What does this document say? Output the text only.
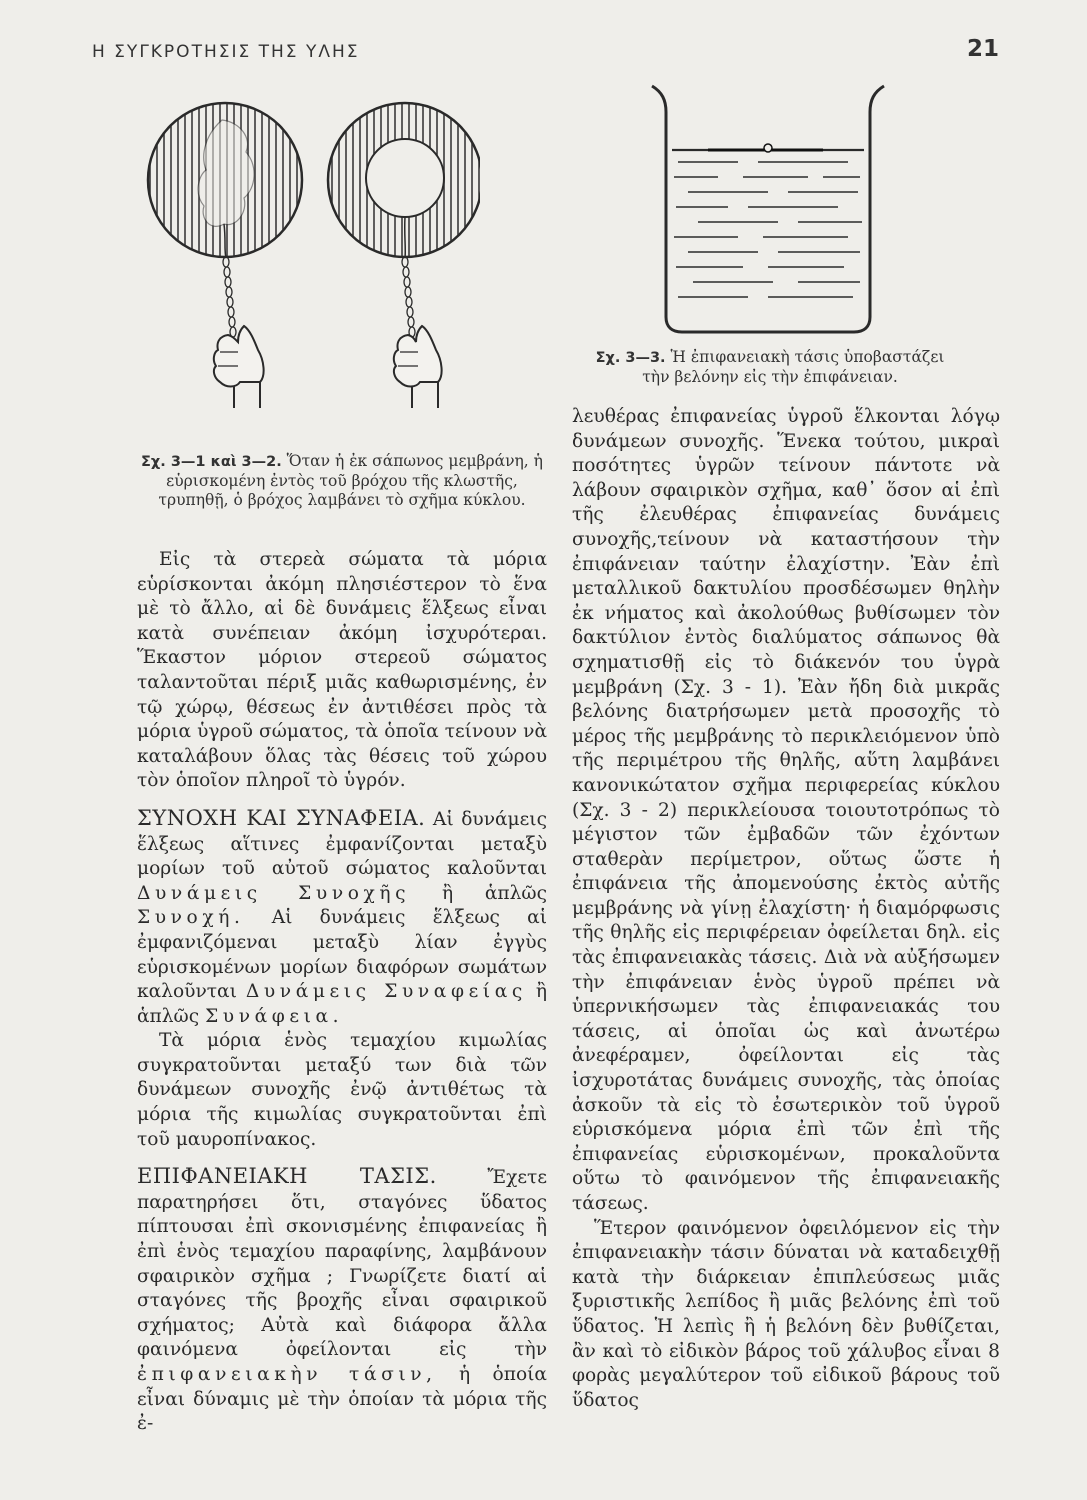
Η ΣΥΓΚΡΟΤΗΣΙΣ ΤΗΣ ΥΛΗΣ	21
Σχ. 3—1 καὶ 3—2. Ὅταν ἡ ἐκ σάπωνος μεμβράνη, ἡ εὑρισκομένη ἐντὸς τοῦ βρόχου τῆς κλωστῆς, τρυπηθῇ, ὁ βρόχος λαμβάνει τὸ σχῆμα κύκλου.
Σχ. 3—3. Ἡ ἐπιφανειακὴ τάσις ὑποβαστάζει τὴν βελόνην εἰς τὴν ἐπιφάνειαν.

Εἰς τὰ στερεὰ σώματα τὰ μόρια εὑρίσκονται ἀκόμη πλησιέστερον τὸ ἕνα μὲ τὸ ἄλλο, αἱ δὲ δυνάμεις ἕλξεως εἶναι κατὰ συνέπειαν ἀκόμη ἰσχυρότεραι. Ἕκαστον μόριον στερεοῦ σώματος ταλαντοῦται πέριξ μιᾶς καθωρισμένης, ἐν τῷ χώρῳ, θέσεως ἐν ἀντιθέσει πρὸς τὰ μόρια ὑγροῦ σώματος, τὰ ὁποῖα τείνουν νὰ καταλάβουν ὅλας τὰς θέσεις τοῦ χώρου τὸν ὁποῖον πληροῖ τὸ ὑγρόν.

ΣΥΝΟΧΗ ΚΑΙ ΣΥΝΑΦΕΙΑ. Αἱ δυνάμεις ἕλξεως αἵτινες ἐμφανίζονται μεταξὺ μορίων τοῦ αὐτοῦ σώματος καλοῦνται Δυνάμεις Συνοχῆς ἢ ἁπλῶς Συνοχή. Αἱ δυνάμεις ἕλξεως αἱ ἐμφανιζόμεναι μεταξὺ λίαν ἐγγὺς εὑρισκομένων μορίων διαφόρων σωμάτων καλοῦνται Δυνάμεις Συναφείας ἢ ἁπλῶς Συνάφεια.

Τὰ μόρια ἑνὸς τεμαχίου κιμωλίας συγκρατοῦνται μεταξύ των διὰ τῶν δυνάμεων συνοχῆς ἐνῷ ἀντιθέτως τὰ μόρια τῆς κιμωλίας συγκρατοῦνται ἐπὶ τοῦ μαυροπίνακος.

ΕΠΙΦΑΝΕΙΑΚΗ ΤΑΣΙΣ.	Ἔχετε παρατηρήσει ὅτι, σταγόνες ὕδατος πίπτουσαι ἐπὶ σκονισμένης ἐπιφανείας ἢ ἐπὶ ἑνὸς τεμαχίου παραφίνης, λαμβάνουν σφαιρικὸν σχῆμα ; Γνωρίζετε διατί αἱ σταγόνες τῆς βροχῆς εἶναι σφαιρικοῦ σχήματος; Αὐτὰ καὶ διάφορα ἄλλα φαινόμενα ὀφείλονται εἰς τὴν ἐπιφανειακὴν τάσιν, ἡ ὁποία εἶναι δύναμις μὲ τὴν ὁποίαν τὰ μόρια τῆς ἐ-

λευθέρας ἐπιφανείας ὑγροῦ ἕλκονται λόγῳ δυνάμεων συνοχῆς. Ἕνεκα τούτου, μικραὶ ποσότητες ὑγρῶν τείνουν πάντοτε νὰ λάβουν σφαιρικὸν σχῆμα, καθ᾽ ὅσον αἱ ἐπὶ τῆς ἐλευθέρας ἐπιφανείας δυνάμεις συνοχῆς,τείνουν νὰ καταστήσουν τὴν ἐπιφάνειαν ταύτην ἐλαχίστην. Ἐὰν ἐπὶ μεταλλικοῦ δακτυλίου προσδέσωμεν θηλὴν ἐκ νήματος καὶ ἀκολούθως βυθίσωμεν τὸν δακτύλιον ἐντὸς διαλύματος σάπωνος θὰ σχηματισθῇ εἰς τὸ διάκενόν του ὑγρὰ μεμβράνη (Σχ. 3 - 1). Ἐὰν ἤδη διὰ μικρᾶς βελόνης διατρήσωμεν μετὰ προσοχῆς τὸ μέρος τῆς μεμβράνης τὸ περικλειόμενον ὑπὸ τῆς περιμέτρου τῆς θηλῆς, αὕτη λαμβάνει κανονικώτατον σχῆμα περιφερείας κύκλου (Σχ. 3 - 2) περικλείουσα τοιουτοτρόπως τὸ μέγιστον τῶν ἐμβαδῶν τῶν ἐχόντων σταθερὰν περίμετρον, οὕτως ὥστε ἡ ἐπιφάνεια τῆς ἀπομενούσης ἐκτὸς αὐτῆς μεμβράνης νὰ γίνῃ ἐλαχίστη· ἡ διαμόρφωσις τῆς θηλῆς εἰς περιφέρειαν ὀφείλεται δηλ. εἰς τὰς ἐπιφανειακὰς τάσεις. Διὰ νὰ αὐξήσωμεν τὴν ἐπιφάνειαν ἑνὸς ὑγροῦ πρέπει νὰ ὑπερνικήσωμεν τὰς ἐπιφανειακάς του τάσεις, αἱ ὁποῖαι ὡς καὶ ἀνωτέρω ἀνεφέραμεν, ὀφείλονται εἰς τὰς ἰσχυροτάτας δυνάμεις συνοχῆς, τὰς ὁποίας ἀσκοῦν τὰ εἰς τὸ ἐσωτερικὸν τοῦ ὑγροῦ εὑρισκόμενα μόρια ἐπὶ τῶν ἐπὶ τῆς ἐπιφανείας εὑρισκομένων, προκαλοῦντα οὕτω τὸ φαινόμενον τῆς ἐπιφανειακῆς τάσεως.

Ἕτερον φαινόμενον ὀφειλόμενον εἰς τὴν ἐπιφανειακὴν τάσιν δύναται νὰ καταδειχθῇ κατὰ τὴν διάρκειαν ἐπιπλεύσεως μιᾶς ξυριστικῆς λεπίδος ἢ μιᾶς βελόνης ἐπὶ τοῦ ὕδατος. Ἡ λεπὶς ἢ ἡ βελόνη δὲν βυθίζεται, ἂν καὶ τὸ εἰδικὸν βάρος τοῦ χάλυβος εἶναι 8 φορὰς μεγαλύτερον τοῦ εἰδικοῦ βάρους τοῦ ὕδατος
